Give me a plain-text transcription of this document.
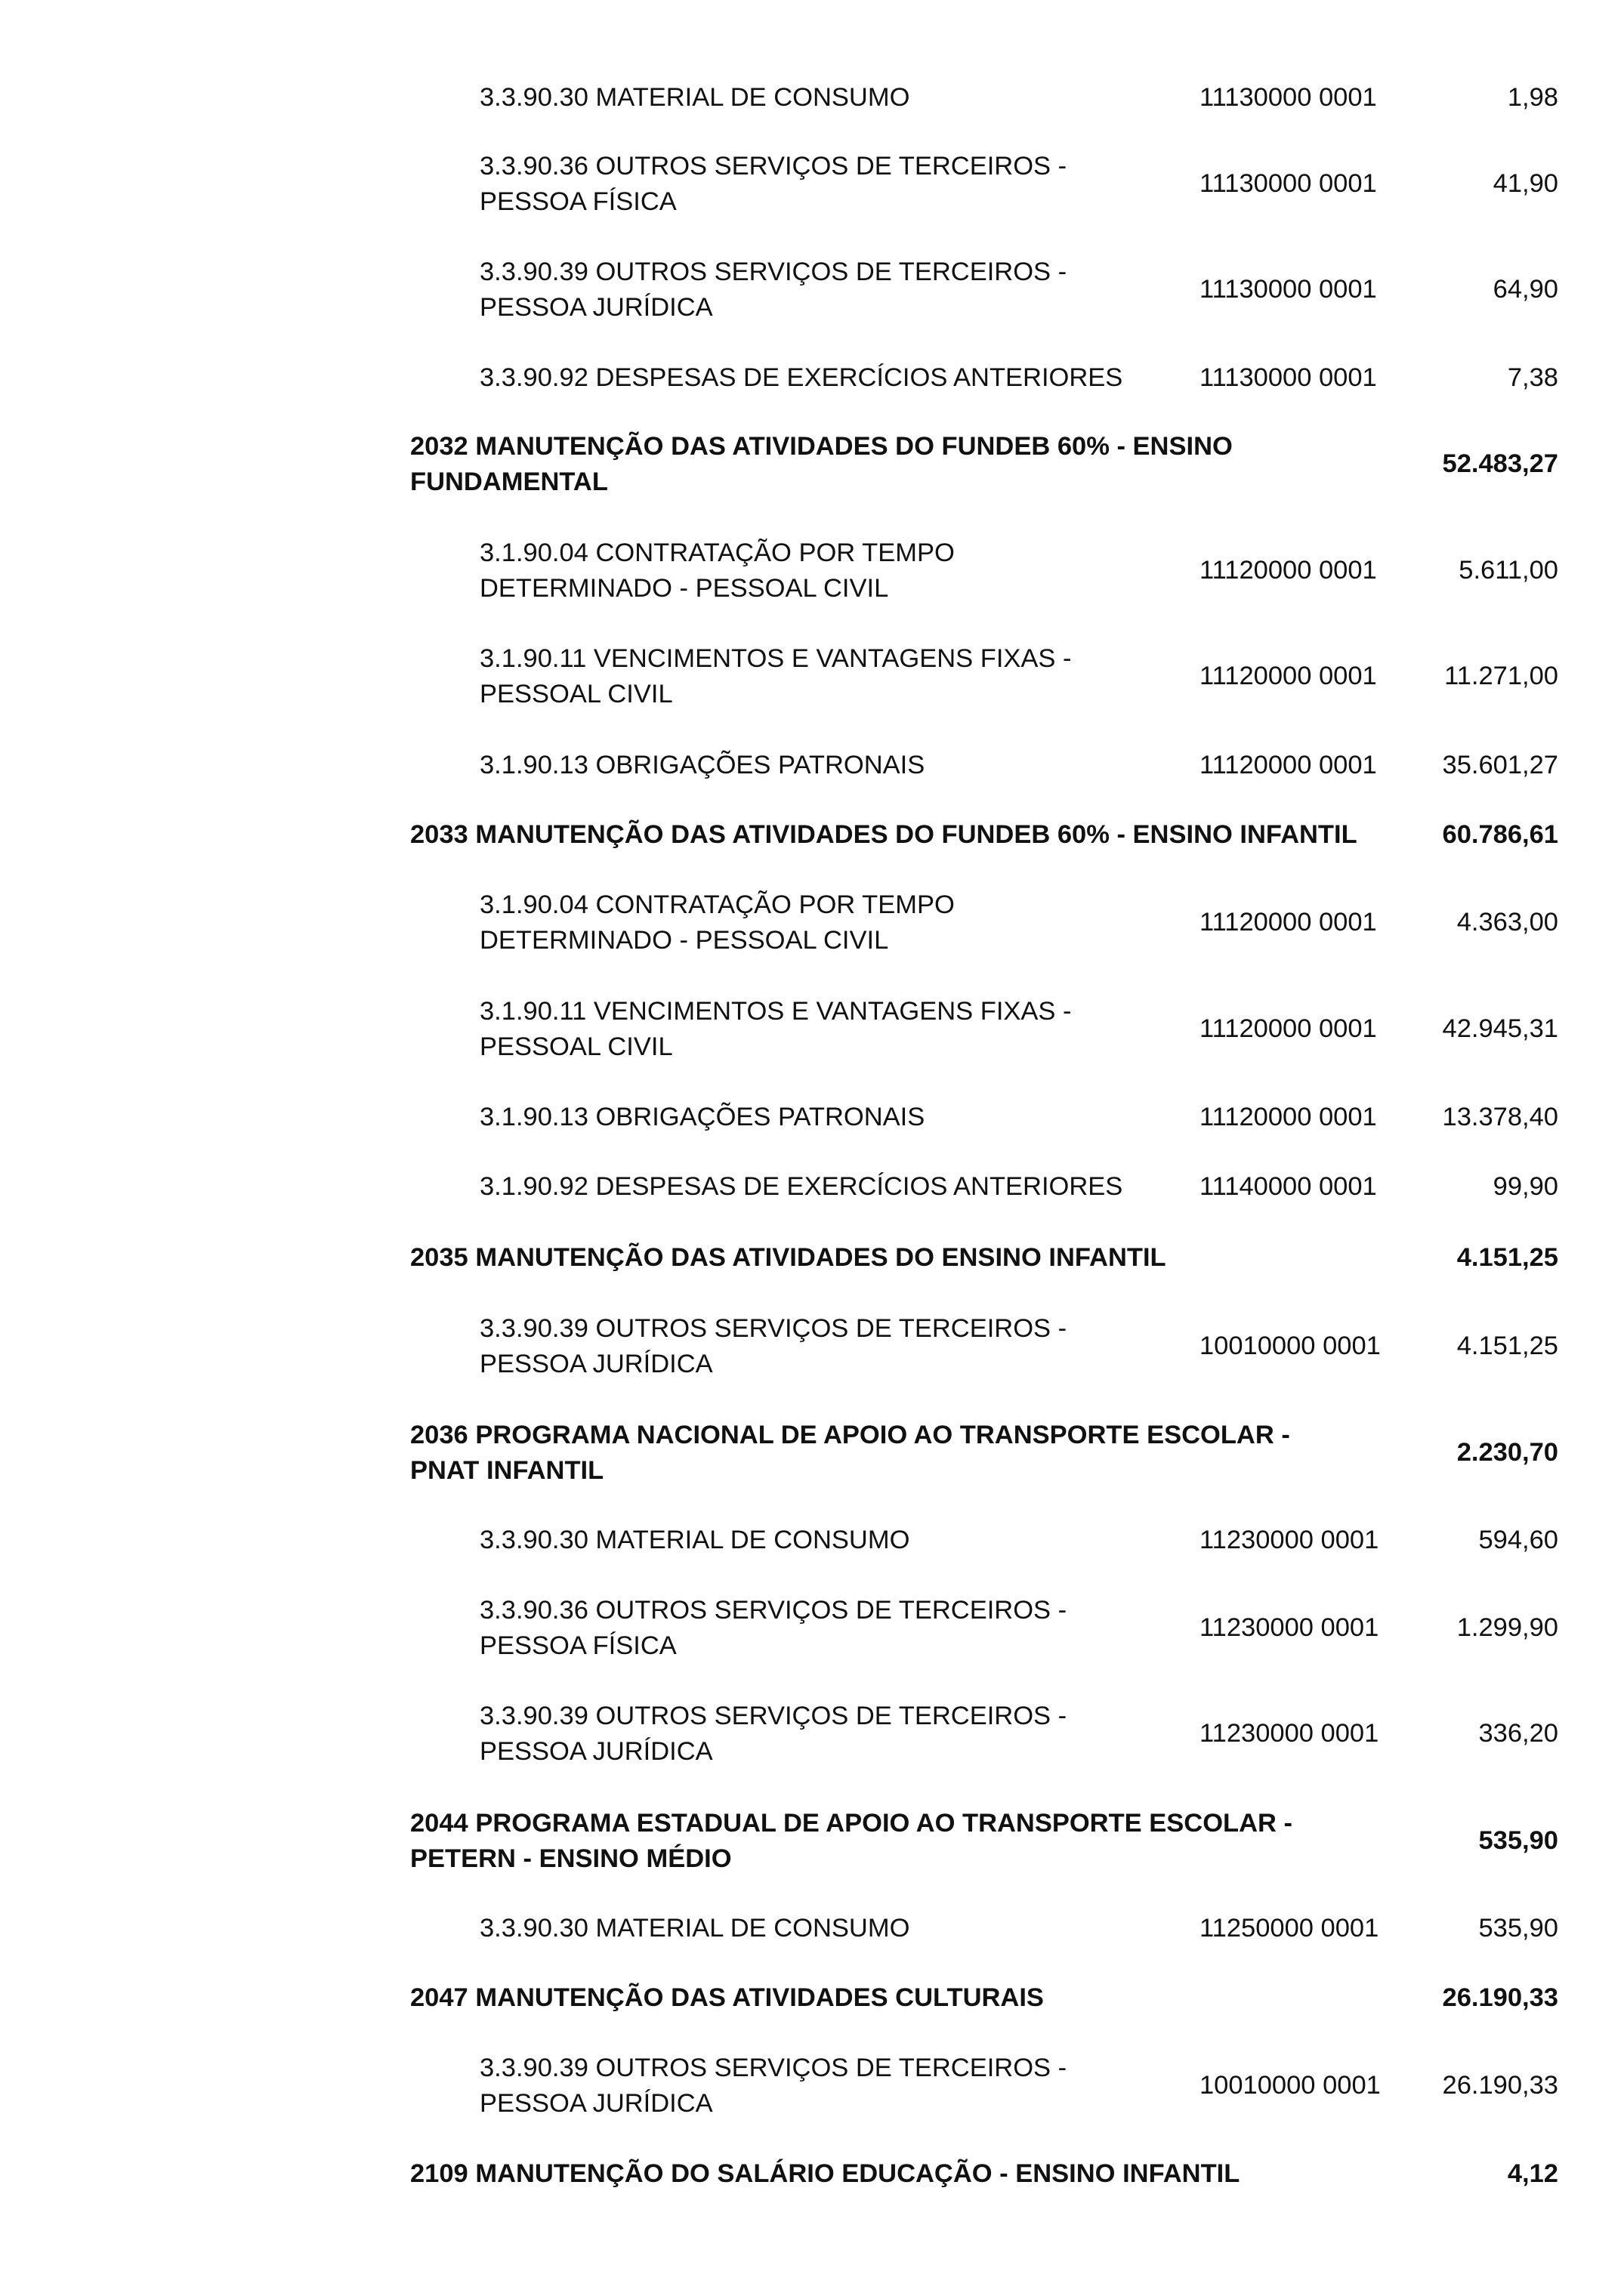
3.3.90.30 MATERIAL DE CONSUMO	11130000 0001	1,98
3.3.90.36 OUTROS SERVIÇOS DE TERCEIROS -
PESSOA FÍSICA
11130000 0001	41,90
3.3.90.39 OUTROS SERVIÇOS DE TERCEIROS -
PESSOA JURÍDICA
11130000 0001	64,90
3.3.90.92 DESPESAS DE EXERCÍCIOS ANTERIORES	11130000 0001	7,38
2032 MANUTENÇÃO DAS ATIVIDADES DO FUNDEB 60% - ENSINO
FUNDAMENTAL
52.483,27
3.1.90.04 CONTRATAÇÃO POR TEMPO
DETERMINADO - PESSOAL CIVIL
11120000 0001	5.611,00
3.1.90.11 VENCIMENTOS E VANTAGENS FIXAS -
PESSOAL CIVIL
11120000 0001	11.271,00
3.1.90.13 OBRIGAÇÕES PATRONAIS	11120000 0001	35.601,27
2033 MANUTENÇÃO DAS ATIVIDADES DO FUNDEB 60% - ENSINO INFANTIL	60.786,61
3.1.90.04 CONTRATAÇÃO POR TEMPO
DETERMINADO - PESSOAL CIVIL
11120000 0001	4.363,00
3.1.90.11 VENCIMENTOS E VANTAGENS FIXAS -
PESSOAL CIVIL
11120000 0001	42.945,31
3.1.90.13 OBRIGAÇÕES PATRONAIS	11120000 0001	13.378,40
3.1.90.92 DESPESAS DE EXERCÍCIOS ANTERIORES	11140000 0001	99,90
2035 MANUTENÇÃO DAS ATIVIDADES DO ENSINO INFANTIL	4.151,25
3.3.90.39 OUTROS SERVIÇOS DE TERCEIROS -
PESSOA JURÍDICA
10010000 0001	4.151,25
2036 PROGRAMA NACIONAL DE APOIO AO TRANSPORTE ESCOLAR -
PNAT INFANTIL
2.230,70
3.3.90.30 MATERIAL DE CONSUMO	11230000 0001	594,60
3.3.90.36 OUTROS SERVIÇOS DE TERCEIROS -
PESSOA FÍSICA
11230000 0001	1.299,90
3.3.90.39 OUTROS SERVIÇOS DE TERCEIROS -
PESSOA JURÍDICA
11230000 0001	336,20
2044 PROGRAMA ESTADUAL DE APOIO AO TRANSPORTE ESCOLAR -
PETERN - ENSINO MÉDIO
535,90
3.3.90.30 MATERIAL DE CONSUMO	11250000 0001	535,90
2047 MANUTENÇÃO DAS ATIVIDADES CULTURAIS	26.190,33
3.3.90.39 OUTROS SERVIÇOS DE TERCEIROS -
PESSOA JURÍDICA
10010000 0001	26.190,33
2109 MANUTENÇÃO DO SALÁRIO EDUCAÇÃO - ENSINO INFANTIL	4,12
